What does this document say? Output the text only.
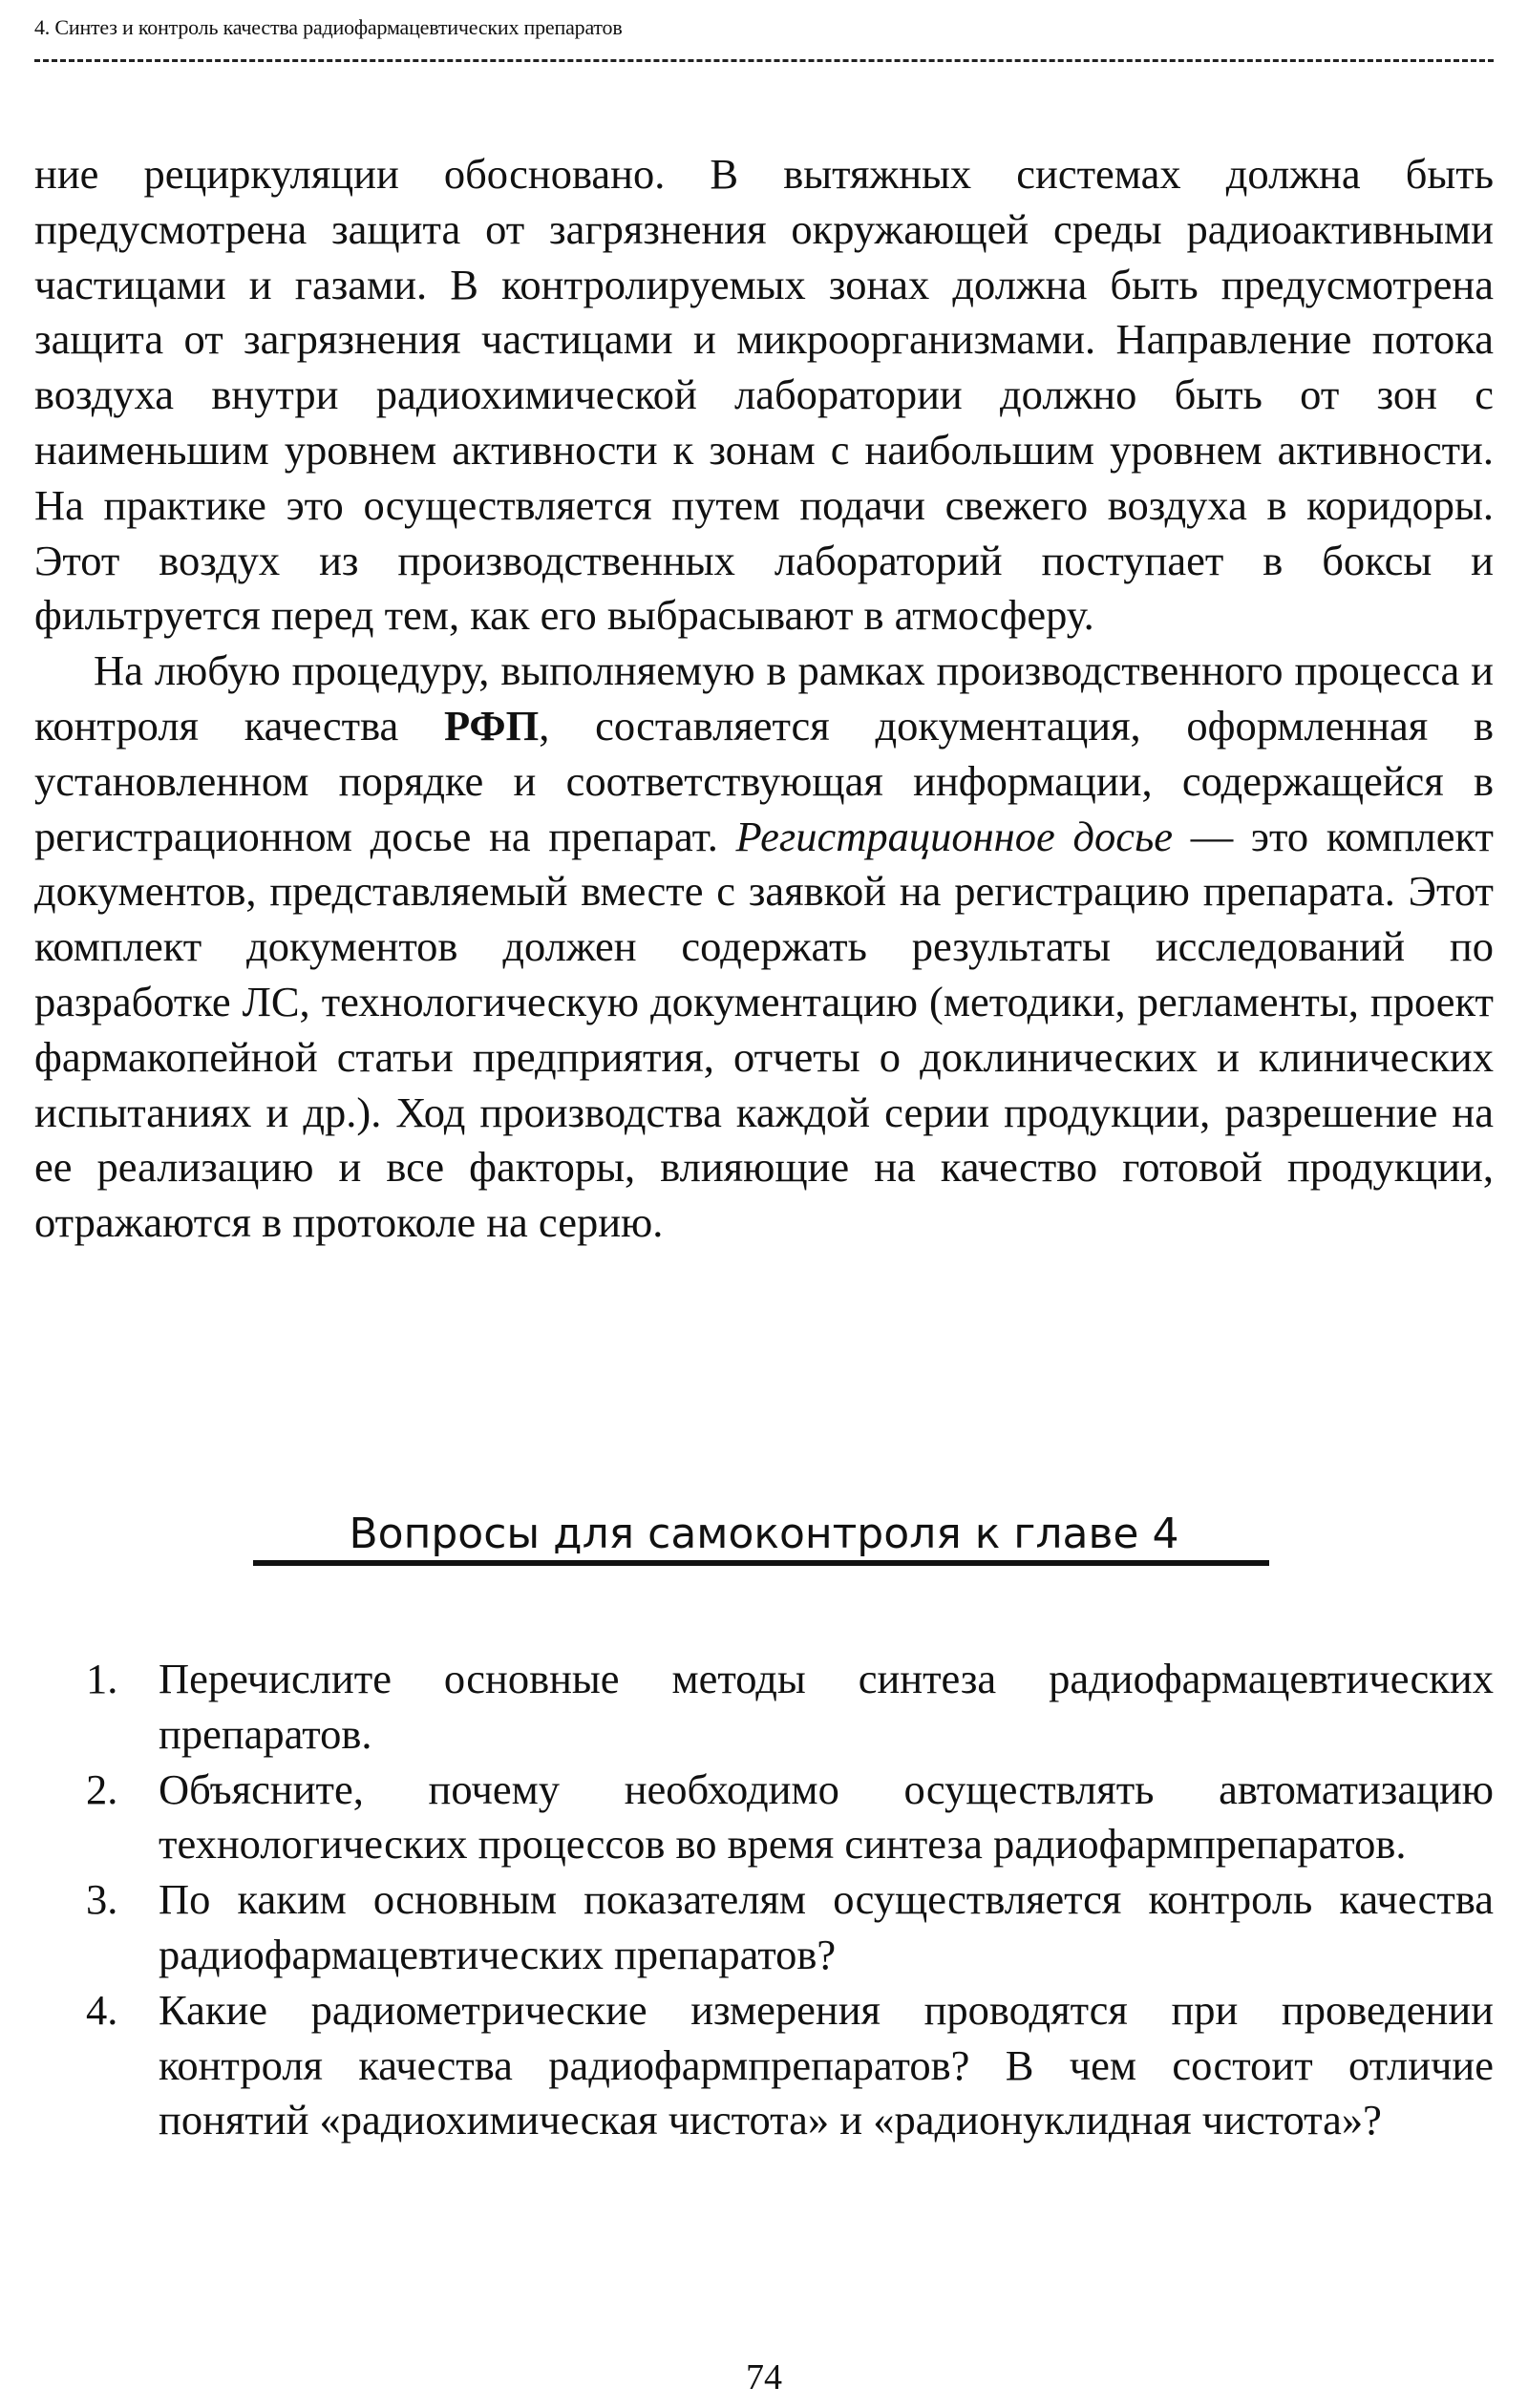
4. Синтез и контроль качества радиофармацевтических препаратов

ние рециркуляции обосновано. В вытяжных системах должна быть предусмотрена защита от загрязнения окружающей среды радиоактивными частицами и газами. В контролируемых зонах должна быть предусмотрена защита от загрязнения частицами и микроорганизмами. Направление потока воздуха внутри радиохимической лаборатории должно быть от зон с наименьшим уровнем активности к зонам с наибольшим уровнем активности. На практике это осуществляется путем подачи свежего воздуха в коридоры. Этот воздух из производственных лабораторий поступает в боксы и фильтруется перед тем, как его выбрасывают в атмосферу.

На любую процедуру, выполняемую в рамках производственного процесса и контроля качества РФП, составляется документация, оформленная в установленном порядке и соответствующая информации, содержащейся в регистрационном досье на препарат. Регистрационное досье — это комплект документов, представляемый вместе с заявкой на регистрацию препарата. Этот комплект документов должен содержать результаты исследований по разработке ЛС, технологическую документацию (методики, регламенты, проект фармакопейной статьи предприятия, отчеты о доклинических и клинических испытаниях и др.). Ход производства каждой серии продукции, разрешение на ее реализацию и все факторы, влияющие на качество готовой продукции, отражаются в протоколе на серию.

Вопросы для самоконтроля к главе 4
1. Перечислите основные методы синтеза радиофармацевтических препаратов.
2. Объясните, почему необходимо осуществлять автоматизацию технологических процессов во время синтеза радиофармпрепаратов.
3. По каким основным показателям осуществляется контроль качества радиофармацевтических препаратов?
4. Какие радиометрические измерения проводятся при проведении контроля качества радиофармпрепаратов? В чем состоит отличие понятий «радиохимическая чистота» и «радионуклидная чистота»?
74
